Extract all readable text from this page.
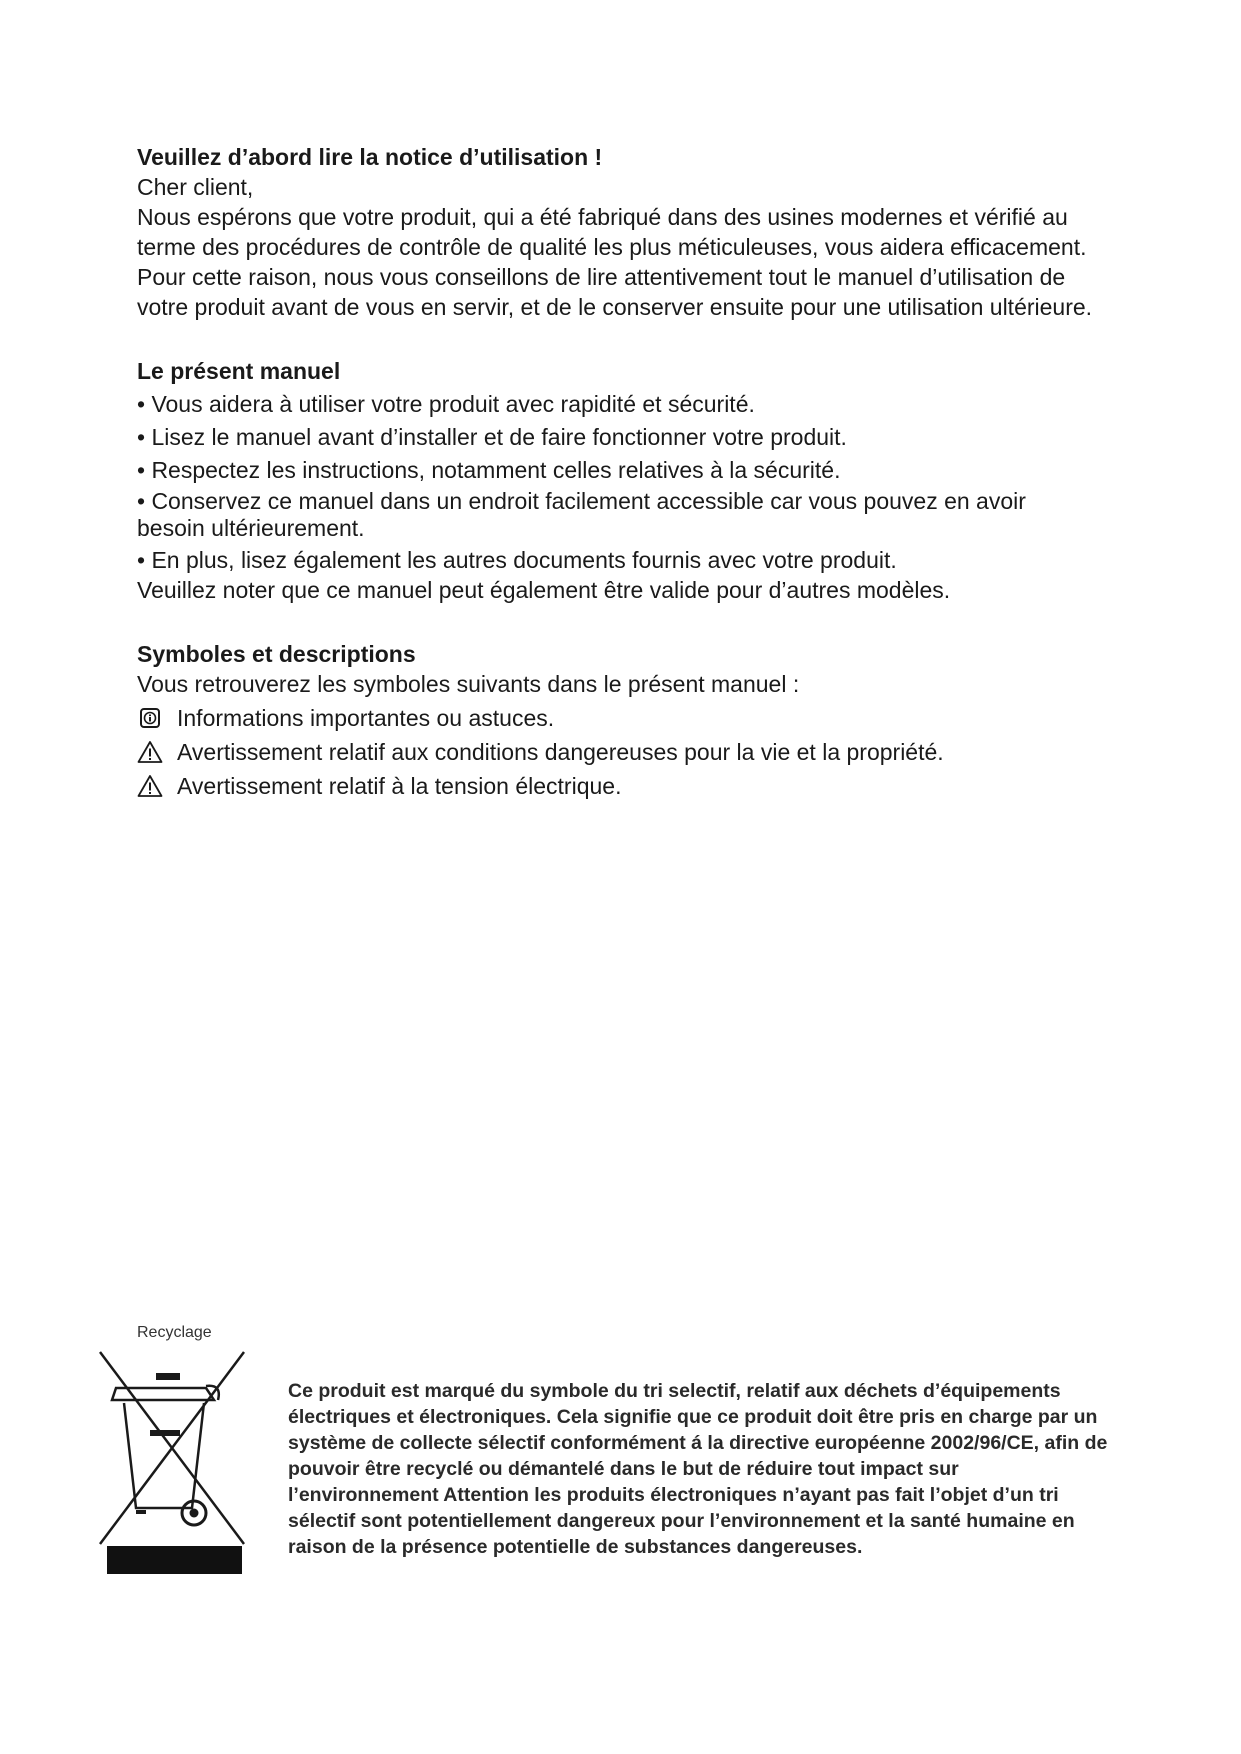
Veuillez d’abord lire la notice d’utilisation !

Cher client,

Nous espérons que votre produit, qui a été fabriqué dans des usines modernes et vérifié au terme des procédures de contrôle de qualité les plus méticuleuses, vous aidera efficacement.

Pour cette raison, nous vous conseillons de lire attentivement tout le manuel d’utilisation de votre produit avant de vous en servir, et de le conserver ensuite pour une utilisation ultérieure.

Le présent manuel

• Vous aidera à utiliser votre produit avec rapidité et sécurité.

• Lisez le manuel avant d’installer et de faire fonctionner votre produit.

• Respectez les instructions, notamment celles relatives à la sécurité.

• Conservez ce manuel dans un endroit facilement accessible car vous pouvez en avoir besoin ultérieurement.

• En plus, lisez également les autres documents fournis avec votre produit.

Veuillez noter que ce manuel peut également être valide pour d’autres modèles.

Symboles et descriptions

Vous retrouverez les symboles suivants dans le présent manuel :

Informations importantes ou astuces.
Avertissement relatif aux conditions dangereuses pour la vie et la propriété.
Avertissement relatif à la tension électrique.
Recyclage
Ce produit est marqué du symbole du tri selectif, relatif aux déchets d’équipements électriques et électroniques. Cela signifie que ce produit doit être pris en charge par un système de collecte sélectif conformément á la directive européenne 2002/96/CE, afin de pouvoir être recyclé ou démantelé dans le but de réduire tout impact sur l’environnement Attention les produits électroniques n’ayant pas fait l’objet d’un tri sélectif sont potentiellement dangereux pour l’environnement et la santé humaine en raison de la présence potentielle de substances dangereuses.
